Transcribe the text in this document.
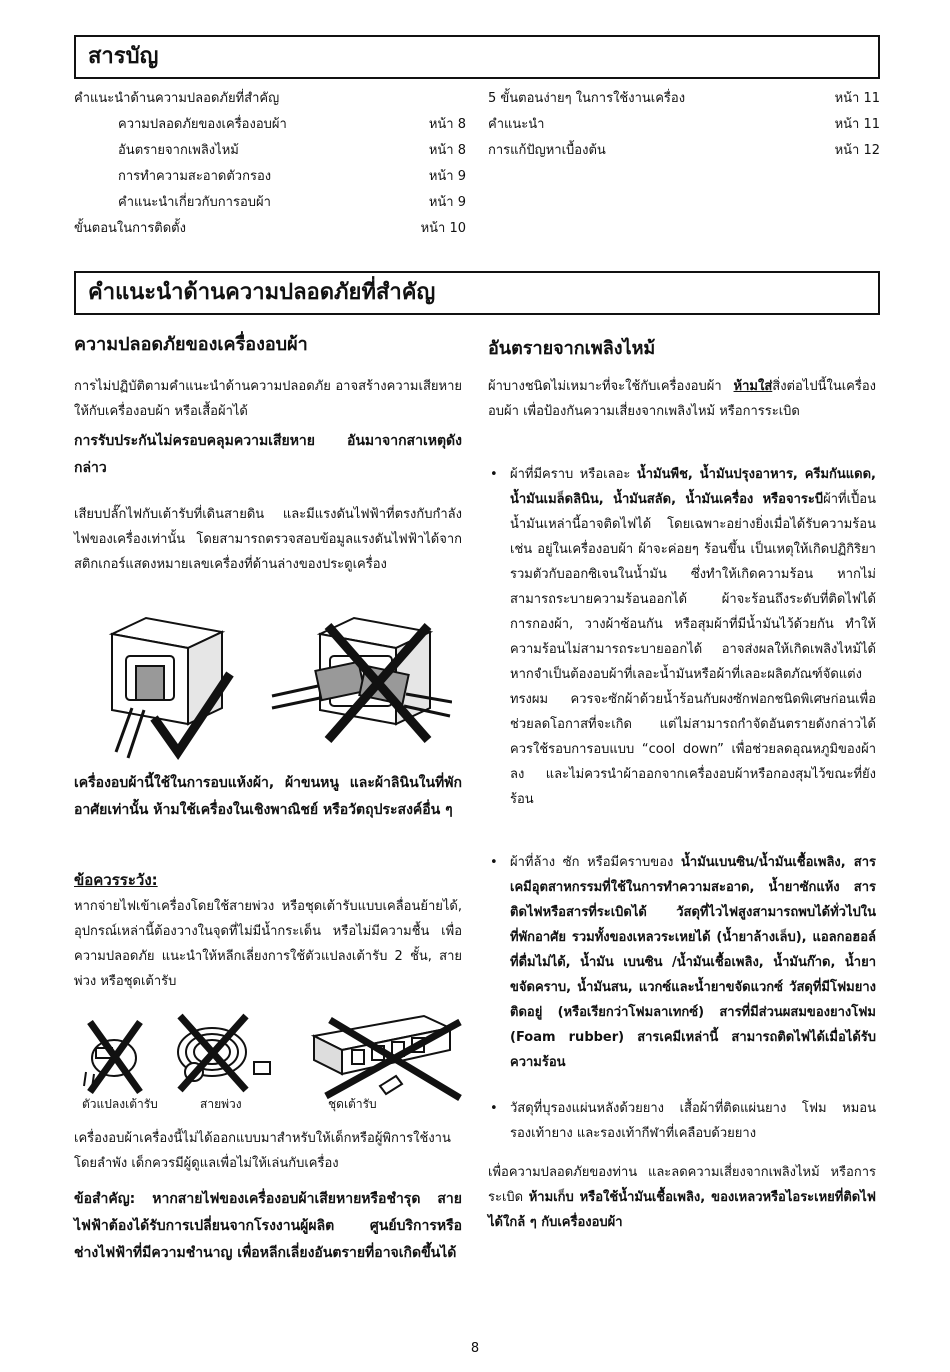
สารบัญ
คำแนะนำด้านความปลอดภัยที่สำคัญ
ความปลอดภัยของเครื่องอบผ้า	หน้า 8
อันตรายจากเพลิงไหม้	หน้า 8
การทำความสะอาดตัวกรอง	หน้า 9
คำแนะนำเกี่ยวกับการอบผ้า	หน้า 9
ขั้นตอนในการติดตั้ง	หน้า 10
5 ขั้นตอนง่ายๆ ในการใช้งานเครื่อง	หน้า 11
คำแนะนำ	หน้า 11
การแก้ปัญหาเบื้องต้น	หน้า 12
คำแนะนำด้านความปลอดภัยที่สำคัญ
ความปลอดภัยของเครื่องอบผ้า

การไม่ปฏิบัติตามคำแนะนำด้านความปลอดภัย อาจสร้างความเสียหายให้กับเครื่องอบผ้า หรือเสื้อผ้าได้

การรับประกันไม่ครอบคลุมความเสียหาย อันมาจากสาเหตุดังกล่าว

เสียบปลั๊กไฟกับเต้ารับที่เดินสายดิน และมีแรงดันไฟฟ้าที่ตรงกับกำลังไฟของเครื่องเท่านั้น โดยสามารถตรวจสอบข้อมูลแรงดันไฟฟ้าได้จากสติกเกอร์แสดงหมายเลขเครื่องที่ด้านล่างของประตูเครื่อง

เครื่องอบผ้านี้ใช้ในการอบแห้งผ้า, ผ้าขนหนู และผ้าลินินในที่พักอาศัยเท่านั้น ห้ามใช้เครื่องในเชิงพาณิชย์ หรือวัตถุประสงค์อื่น ๆ

ข้อควรระวัง:

หากจ่ายไฟเข้าเครื่องโดยใช้สายพ่วง หรือชุดเต้ารับแบบเคลื่อนย้ายได้, อุปกรณ์เหล่านี้ต้องวางในจุดที่ไม่มีน้ำกระเด็น หรือไม่มีความชื้น เพื่อความปลอดภัย แนะนำให้หลีกเลี่ยงการใช้ตัวแปลงเต้ารับ 2 ชั้น, สายพ่วง หรือชุดเต้ารับ

ตัวแปลงเต้ารับ	สายพ่วง	ชุดเต้ารับ

เครื่องอบผ้าเครื่องนี้ไม่ได้ออกแบบมาสำหรับให้เด็กหรือผู้พิการใช้งานโดยลำพัง เด็กควรมีผู้ดูแลเพื่อไม่ให้เล่นกับเครื่อง

ข้อสำคัญ: หากสายไฟของเครื่องอบผ้าเสียหายหรือชำรุด สายไฟฟ้าต้องได้รับการเปลี่ยนจากโรงงานผู้ผลิต ศูนย์บริการหรือช่างไฟฟ้าที่มีความชำนาญ เพื่อหลีกเลี่ยงอันตรายที่อาจเกิดขึ้นได้

อันตรายจากเพลิงไหม้

ผ้าบางชนิดไม่เหมาะที่จะใช้กับเครื่องอบผ้า ห้ามใส่สิ่งต่อไปนี้ในเครื่องอบผ้า เพื่อป้องกันความเสี่ยงจากเพลิงไหม้ หรือการระเบิด

• ผ้าที่มีคราบ หรือเลอะ น้ำมันพืช, น้ำมันปรุงอาหาร, ครีมกันแดด, น้ำมันเมล็ดลินิน, น้ำมันสลัด, น้ำมันเครื่อง หรือจาระบีผ้าที่เปื้อนน้ำมันเหล่านี้อาจติดไฟได้ โดยเฉพาะอย่างยิ่งเมื่อได้รับความร้อน เช่น อยู่ในเครื่องอบผ้า ผ้าจะค่อยๆ ร้อนขึ้น เป็นเหตุให้เกิดปฏิกิริยารวมตัวกับออกซิเจนในน้ำมัน ซึ่งทำให้เกิดความร้อน หากไม่สามารถระบายความร้อนออกได้ ผ้าจะร้อนถึงระดับที่ติดไฟได้ การกองผ้า, วางผ้าซ้อนกัน หรือสุมผ้าที่มีน้ำมันไว้ด้วยกัน ทำให้ความร้อนไม่สามารถระบายออกได้ อาจส่งผลให้เกิดเพลิงไหม้ได้ หากจำเป็นต้องอบผ้าที่เลอะน้ำมันหรือผ้าที่เลอะผลิตภัณฑ์จัดแต่งทรงผม ควรจะซักผ้าด้วยน้ำร้อนกับผงซักฟอกชนิดพิเศษก่อนเพื่อช่วยลดโอกาสที่จะเกิด แต่ไม่สามารถกำจัดอันตรายดังกล่าวได้ ควรใช้รอบการอบแบบ “cool down” เพื่อช่วยลดอุณหภูมิของผ้าลง และไม่ควรนำผ้าออกจากเครื่องอบผ้าหรือกองสุมไว้ขณะที่ยังร้อน
• ผ้าที่ล้าง ซัก หรือมีคราบของ น้ำมันเบนซิน/น้ำมันเชื้อเพลิง, สารเคมีอุตสาหกรรมที่ใช้ในการทำความสะอาด, น้ำยาซักแห้ง สารติดไฟหรือสารที่ระเบิดได้ วัสดุที่ไวไฟสูงสามารถพบได้ทั่วไปในที่พักอาศัย รวมทั้งของเหลวระเหยได้ (น้ำยาล้างเล็บ), แอลกอฮอล์ที่ดื่มไม่ได้, น้ำมัน เบนซิน /น้ำมันเชื้อเพลิง, น้ำมันก๊าด, น้ำยาขจัดคราบ, น้ำมันสน, แวกซ์และน้ำยาขจัดแวกซ์ วัสดุที่มีโฟมยางติดอยู่ (หรือเรียกว่าโฟมลาเทกซ์) สารที่มีส่วนผสมของยางโฟม (Foam rubber) สารเคมีเหล่านี้ สามารถติดไฟได้เมื่อได้รับความร้อน
• วัสดุที่บุรองแผ่นหลังด้วยยาง เสื้อผ้าที่ติดแผ่นยาง โฟม หมอน รองเท้ายาง และรองเท้ากีฬาที่เคลือบด้วยยาง

เพื่อความปลอดภัยของท่าน และลดความเสี่ยงจากเพลิงไหม้ หรือการระเบิด ห้ามเก็บ หรือใช้น้ำมันเชื้อเพลิง, ของเหลวหรือไอระเหยที่ติดไฟได้ใกล้ ๆ กับเครื่องอบผ้า

8
